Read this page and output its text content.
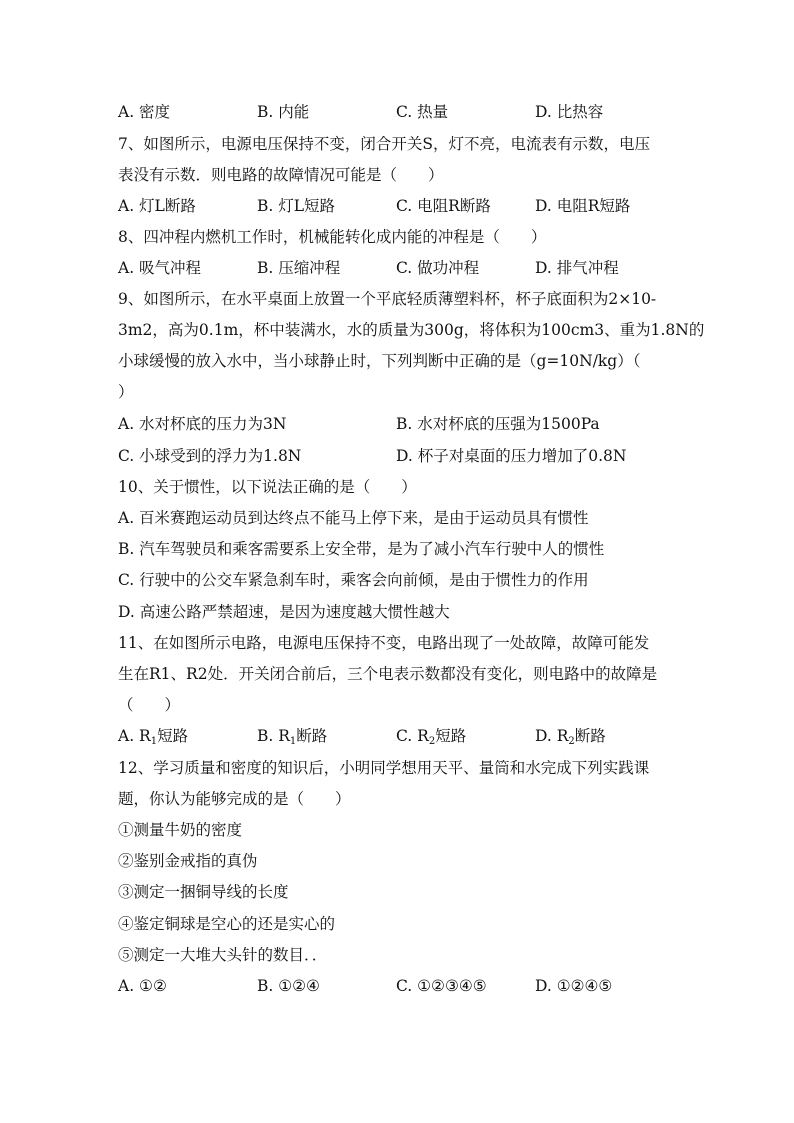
A. 密度	B. 内能	C. 热量	D. 比热容
7、如图所示，电源电压保持不变，闭合开关S，灯不亮，电流表有示数，电压
表没有示数．则电路的故障情况可能是（　　）
A. 灯L断路	B. 灯L短路	C. 电阻R断路	D. 电阻R短路
8、四冲程内燃机工作时，机械能转化成内能的冲程是（　　）
A. 吸气冲程	B. 压缩冲程	C. 做功冲程	D. 排气冲程
9、如图所示，在水平桌面上放置一个平底轻质薄塑料杯，杯子底面积为2×10-
3m2，高为0.1m，杯中装满水，水的质量为300g，将体积为100cm3、重为1.8N的
小球缓慢的放入水中，当小球静止时，下列判断中正确的是（g=10N/kg）（
）
A. 水对杯底的压力为3N	B. 水对杯底的压强为1500Pa
C. 小球受到的浮力为1.8N	D. 杯子对桌面的压力增加了0.8N
10、关于惯性，以下说法正确的是（　　）
A. 百米赛跑运动员到达终点不能马上停下来，是由于运动员具有惯性
B. 汽车驾驶员和乘客需要系上安全带，是为了减小汽车行驶中人的惯性
C. 行驶中的公交车紧急刹车时，乘客会向前倾，是由于惯性力的作用
D. 高速公路严禁超速，是因为速度越大惯性越大
11、在如图所示电路，电源电压保持不变，电路出现了一处故障，故障可能发
生在R1、R2处．开关闭合前后，三个电表示数都没有变化，则电路中的故障是
（　　）
A. $R_1$短路	B. $R_1$断路	C. $R_2$短路	D. $R_2$断路
12、学习质量和密度的知识后，小明同学想用天平、量筒和水完成下列实践课
题，你认为能够完成的是（　　）
①测量牛奶的密度
②鉴别金戒指的真伪
③测定一捆铜导线的长度
④鉴定铜球是空心的还是实心的
⑤测定一大堆大头针的数目．．
A. ①②	B. ①②④	C. ①②③④⑤	D. ①②④⑤
